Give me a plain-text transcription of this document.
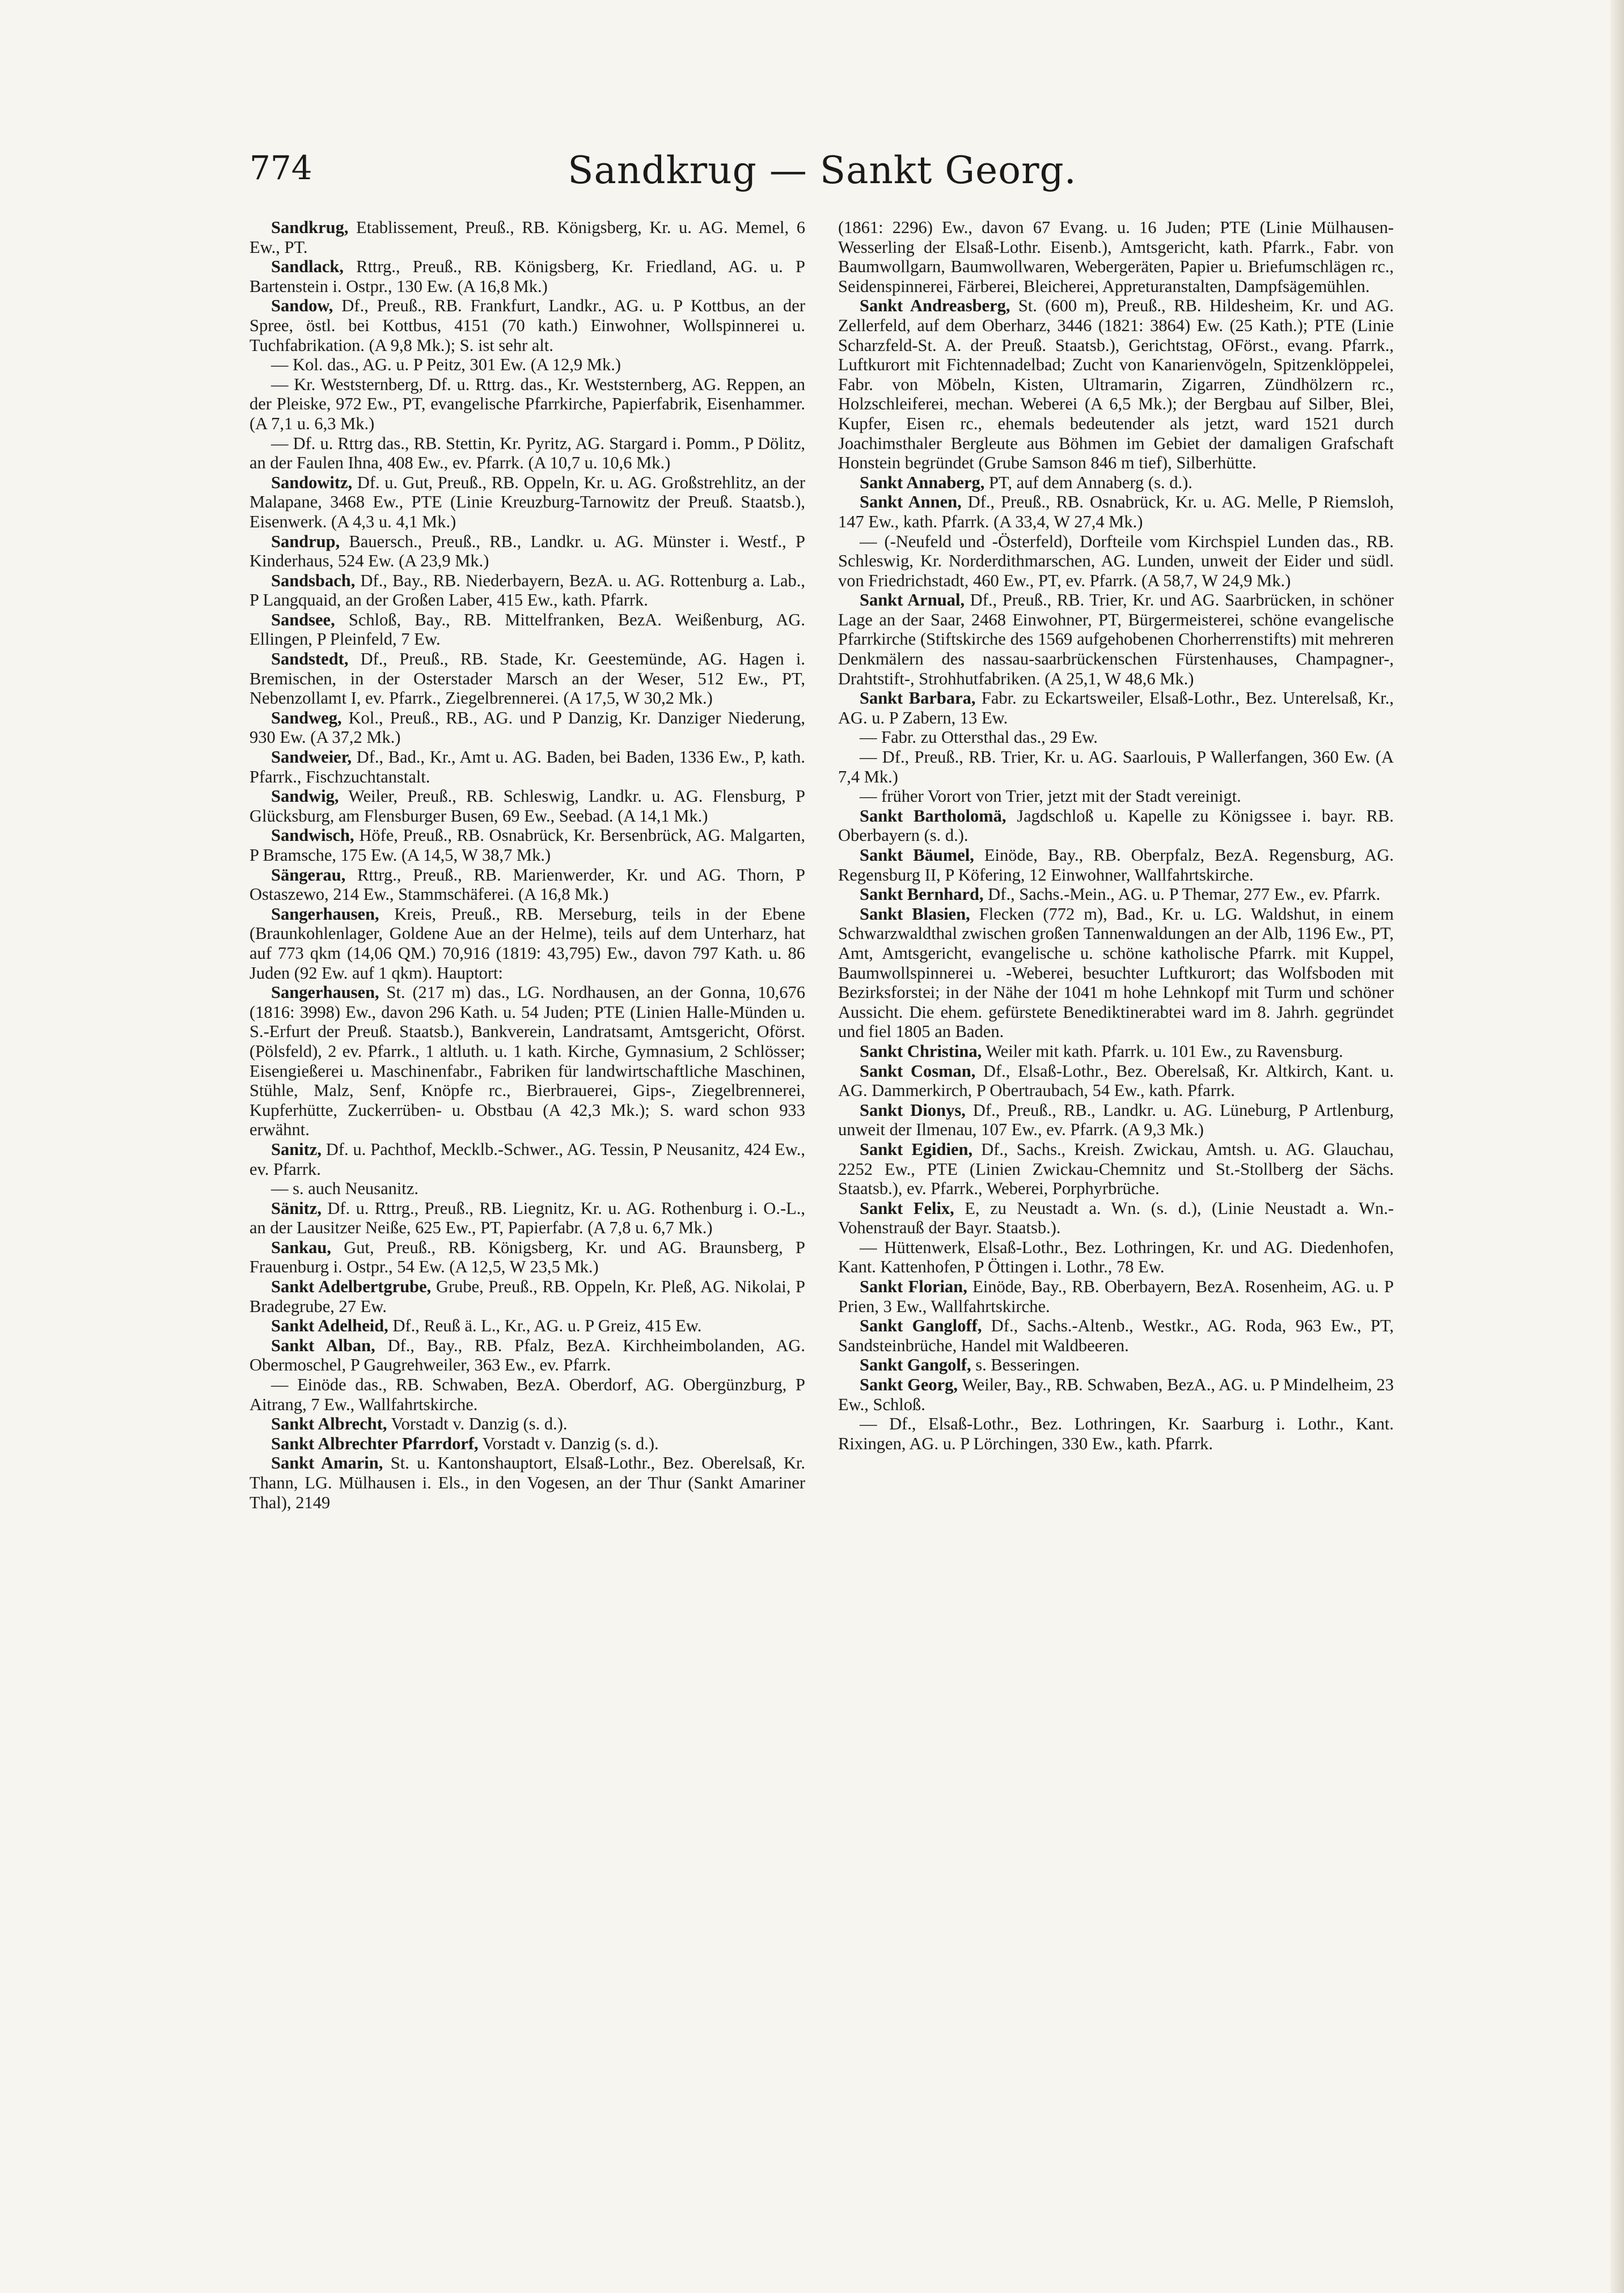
774	Sandkrug — Sankt Georg.

Sandkrug, Etablissement, Preuß., RB. Königsberg, Kr. u. AG. Memel, 6 Ew., PT.

Sandlack, Rttrg., Preuß., RB. Königsberg, Kr. Friedland, AG. u. P Bartenstein i. Ostpr., 130 Ew. (A 16,8 Mk.)

Sandow, Df., Preuß., RB. Frankfurt, Landkr., AG. u. P Kottbus, an der Spree, östl. bei Kottbus, 4151 (70 kath.) Einwohner, Wollspinnerei u. Tuchfabrikation. (A 9,8 Mk.); S. ist sehr alt.

— Kol. das., AG. u. P Peitz, 301 Ew. (A 12,9 Mk.)

— Kr. Weststernberg, Df. u. Rttrg. das., Kr. Weststernberg, AG. Reppen, an der Pleiske, 972 Ew., PT, evangelische Pfarrkirche, Papierfabrik, Eisenhammer. (A 7,1 u. 6,3 Mk.)

— Df. u. Rttrg das., RB. Stettin, Kr. Pyritz, AG. Stargard i. Pomm., P Dölitz, an der Faulen Ihna, 408 Ew., ev. Pfarrk. (A 10,7 u. 10,6 Mk.)

Sandowitz, Df. u. Gut, Preuß., RB. Oppeln, Kr. u. AG. Großstrehlitz, an der Malapane, 3468 Ew., PTE (Linie Kreuzburg-Tarnowitz der Preuß. Staatsb.), Eisenwerk. (A 4,3 u. 4,1 Mk.)

Sandrup, Bauersch., Preuß., RB., Landkr. u. AG. Münster i. Westf., P Kinderhaus, 524 Ew. (A 23,9 Mk.)

Sandsbach, Df., Bay., RB. Niederbayern, BezA. u. AG. Rottenburg a. Lab., P Langquaid, an der Großen Laber, 415 Ew., kath. Pfarrk.

Sandsee, Schloß, Bay., RB. Mittelfranken, BezA. Weißenburg, AG. Ellingen, P Pleinfeld, 7 Ew.

Sandstedt, Df., Preuß., RB. Stade, Kr. Geestemünde, AG. Hagen i. Bremischen, in der Osterstader Marsch an der Weser, 512 Ew., PT, Nebenzollamt I, ev. Pfarrk., Ziegelbrennerei. (A 17,5, W 30,2 Mk.)

Sandweg, Kol., Preuß., RB., AG. und P Danzig, Kr. Danziger Niederung, 930 Ew. (A 37,2 Mk.)

Sandweier, Df., Bad., Kr., Amt u. AG. Baden, bei Baden, 1336 Ew., P, kath. Pfarrk., Fischzuchtanstalt.

Sandwig, Weiler, Preuß., RB. Schleswig, Landkr. u. AG. Flensburg, P Glücksburg, am Flensburger Busen, 69 Ew., Seebad. (A 14,1 Mk.)

Sandwisch, Höfe, Preuß., RB. Osnabrück, Kr. Bersenbrück, AG. Malgarten, P Bramsche, 175 Ew. (A 14,5, W 38,7 Mk.)

Sängerau, Rttrg., Preuß., RB. Marienwerder, Kr. und AG. Thorn, P Ostaszewo, 214 Ew., Stammschäferei. (A 16,8 Mk.)

Sangerhausen, Kreis, Preuß., RB. Merseburg, teils in der Ebene (Braunkohlenlager, Goldene Aue an der Helme), teils auf dem Unterharz, hat auf 773 qkm (14,06 QM.) 70,916 (1819: 43,795) Ew., davon 797 Kath. u. 86 Juden (92 Ew. auf 1 qkm). Hauptort:

Sangerhausen, St. (217 m) das., LG. Nordhausen, an der Gonna, 10,676 (1816: 3998) Ew., davon 296 Kath. u. 54 Juden; PTE (Linien Halle-Münden u. S.-Erfurt der Preuß. Staatsb.), Bankverein, Landratsamt, Amtsgericht, Oförst. (Pölsfeld), 2 ev. Pfarrk., 1 altluth. u. 1 kath. Kirche, Gymnasium, 2 Schlösser; Eisengießerei u. Maschinenfabr., Fabriken für landwirtschaftliche Maschinen, Stühle, Malz, Senf, Knöpfe rc., Bierbrauerei, Gips-, Ziegelbrennerei, Kupferhütte, Zuckerrüben- u. Obstbau (A 42,3 Mk.); S. ward schon 933 erwähnt.

Sanitz, Df. u. Pachthof, Mecklb.-Schwer., AG. Tessin, P Neusanitz, 424 Ew., ev. Pfarrk.

— s. auch Neusanitz.

Sänitz, Df. u. Rttrg., Preuß., RB. Liegnitz, Kr. u. AG. Rothenburg i. O.-L., an der Lausitzer Neiße, 625 Ew., PT, Papierfabr. (A 7,8 u. 6,7 Mk.)

Sankau, Gut, Preuß., RB. Königsberg, Kr. und AG. Braunsberg, P Frauenburg i. Ostpr., 54 Ew. (A 12,5, W 23,5 Mk.)

Sankt Adelbertgrube, Grube, Preuß., RB. Oppeln, Kr. Pleß, AG. Nikolai, P Bradegrube, 27 Ew.

Sankt Adelheid, Df., Reuß ä. L., Kr., AG. u. P Greiz, 415 Ew.

Sankt Alban, Df., Bay., RB. Pfalz, BezA. Kirchheimbolanden, AG. Obermoschel, P Gaugrehweiler, 363 Ew., ev. Pfarrk.

— Einöde das., RB. Schwaben, BezA. Oberdorf, AG. Obergünzburg, P Aitrang, 7 Ew., Wallfahrtskirche.

Sankt Albrecht, Vorstadt v. Danzig (s. d.).

Sankt Albrechter Pfarrdorf, Vorstadt v. Danzig (s. d.).

Sankt Amarin, St. u. Kantonshauptort, Elsaß-Lothr., Bez. Oberelsaß, Kr. Thann, LG. Mülhausen i. Els., in den Vogesen, an der Thur (Sankt Amariner Thal), 2149

(1861: 2296) Ew., davon 67 Evang. u. 16 Juden; PTE (Linie Mülhausen-Wesserling der Elsaß-Lothr. Eisenb.), Amtsgericht, kath. Pfarrk., Fabr. von Baumwollgarn, Baumwollwaren, Webergeräten, Papier u. Briefumschlägen rc., Seidenspinnerei, Färberei, Bleicherei, Appreturanstalten, Dampfsägemühlen.

Sankt Andreasberg, St. (600 m), Preuß., RB. Hildesheim, Kr. und AG. Zellerfeld, auf dem Oberharz, 3446 (1821: 3864) Ew. (25 Kath.); PTE (Linie Scharzfeld-St. A. der Preuß. Staatsb.), Gerichtstag, OFörst., evang. Pfarrk., Luftkurort mit Fichtennadelbad; Zucht von Kanarienvögeln, Spitzenklöppelei, Fabr. von Möbeln, Kisten, Ultramarin, Zigarren, Zündhölzern rc., Holzschleiferei, mechan. Weberei (A 6,5 Mk.); der Bergbau auf Silber, Blei, Kupfer, Eisen rc., ehemals bedeutender als jetzt, ward 1521 durch Joachimsthaler Bergleute aus Böhmen im Gebiet der damaligen Grafschaft Honstein begründet (Grube Samson 846 m tief), Silberhütte.

Sankt Annaberg, PT, auf dem Annaberg (s. d.).

Sankt Annen, Df., Preuß., RB. Osnabrück, Kr. u. AG. Melle, P Riemsloh, 147 Ew., kath. Pfarrk. (A 33,4, W 27,4 Mk.)

— (-Neufeld und -Österfeld), Dorfteile vom Kirchspiel Lunden das., RB. Schleswig, Kr. Norderdithmarschen, AG. Lunden, unweit der Eider und südl. von Friedrichstadt, 460 Ew., PT, ev. Pfarrk. (A 58,7, W 24,9 Mk.)

Sankt Arnual, Df., Preuß., RB. Trier, Kr. und AG. Saarbrücken, in schöner Lage an der Saar, 2468 Einwohner, PT, Bürgermeisterei, schöne evangelische Pfarrkirche (Stiftskirche des 1569 aufgehobenen Chorherrenstifts) mit mehreren Denkmälern des nassau-saarbrückenschen Fürstenhauses, Champagner-, Drahtstift-, Strohhutfabriken. (A 25,1, W 48,6 Mk.)

Sankt Barbara, Fabr. zu Eckartsweiler, Elsaß-Lothr., Bez. Unterelsaß, Kr., AG. u. P Zabern, 13 Ew.

— Fabr. zu Ottersthal das., 29 Ew.

— Df., Preuß., RB. Trier, Kr. u. AG. Saarlouis, P Wallerfangen, 360 Ew. (A 7,4 Mk.)

— früher Vorort von Trier, jetzt mit der Stadt vereinigt.

Sankt Bartholomä, Jagdschloß u. Kapelle zu Königssee i. bayr. RB. Oberbayern (s. d.).

Sankt Bäumel, Einöde, Bay., RB. Oberpfalz, BezA. Regensburg, AG. Regensburg II, P Köfering, 12 Einwohner, Wallfahrtskirche.

Sankt Bernhard, Df., Sachs.-Mein., AG. u. P Themar, 277 Ew., ev. Pfarrk.

Sankt Blasien, Flecken (772 m), Bad., Kr. u. LG. Waldshut, in einem Schwarzwaldthal zwischen großen Tannenwaldungen an der Alb, 1196 Ew., PT, Amt, Amtsgericht, evangelische u. schöne katholische Pfarrk. mit Kuppel, Baumwollspinnerei u. -Weberei, besuchter Luftkurort; das Wolfsboden mit Bezirksforstei; in der Nähe der 1041 m hohe Lehnkopf mit Turm und schöner Aussicht. Die ehem. gefürstete Benediktinerabtei ward im 8. Jahrh. gegründet und fiel 1805 an Baden.

Sankt Christina, Weiler mit kath. Pfarrk. u. 101 Ew., zu Ravensburg.

Sankt Cosman, Df., Elsaß-Lothr., Bez. Oberelsaß, Kr. Altkirch, Kant. u. AG. Dammerkirch, P Obertraubach, 54 Ew., kath. Pfarrk.

Sankt Dionys, Df., Preuß., RB., Landkr. u. AG. Lüneburg, P Artlenburg, unweit der Ilmenau, 107 Ew., ev. Pfarrk. (A 9,3 Mk.)

Sankt Egidien, Df., Sachs., Kreish. Zwickau, Amtsh. u. AG. Glauchau, 2252 Ew., PTE (Linien Zwickau-Chemnitz und St.-Stollberg der Sächs. Staatsb.), ev. Pfarrk., Weberei, Porphyrbrüche.

Sankt Felix, E, zu Neustadt a. Wn. (s. d.), (Linie Neustadt a. Wn.-Vohenstrauß der Bayr. Staatsb.).

— Hüttenwerk, Elsaß-Lothr., Bez. Lothringen, Kr. und AG. Diedenhofen, Kant. Kattenhofen, P Öttingen i. Lothr., 78 Ew.

Sankt Florian, Einöde, Bay., RB. Oberbayern, BezA. Rosenheim, AG. u. P Prien, 3 Ew., Wallfahrtskirche.

Sankt Gangloff, Df., Sachs.-Altenb., Westkr., AG. Roda, 963 Ew., PT, Sandsteinbrüche, Handel mit Waldbeeren.

Sankt Gangolf, s. Besseringen.

Sankt Georg, Weiler, Bay., RB. Schwaben, BezA., AG. u. P Mindelheim, 23 Ew., Schloß.

— Df., Elsaß-Lothr., Bez. Lothringen, Kr. Saarburg i. Lothr., Kant. Rixingen, AG. u. P Lörchingen, 330 Ew., kath. Pfarrk.
